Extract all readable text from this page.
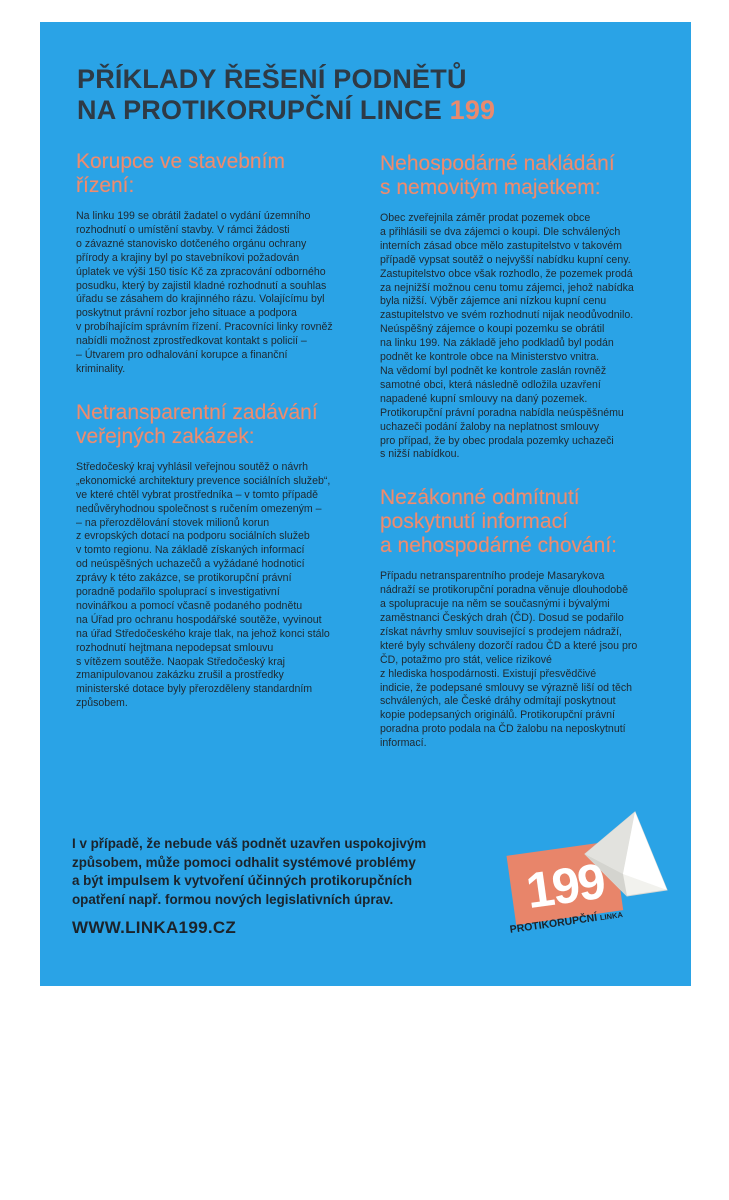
PŘÍKLADY ŘEŠENÍ PODNĚTŮ
NA PROTIKORUPČNÍ LINCE 199
Korupce ve stavebním
řízení:

Na linku 199 se obrátil žadatel o vydání územního
rozhodnutí o umístění stavby. V rámci žádosti
o závazné stanovisko dotčeného orgánu ochrany
přírody a krajiny byl po stavebníkovi požadován
úplatek ve výši 150 tisíc Kč za zpracování odborného
posudku, který by zajistil kladné rozhodnutí a souhlas
úřadu se zásahem do krajinného rázu. Volajícímu byl
poskytnut právní rozbor jeho situace a podpora
v probíhajícím správním řízení. Pracovníci linky rovněž
nabídli možnost zprostředkovat kontakt s policií –
– Útvarem pro odhalování korupce a finanční
kriminality.

Netransparentní zadávání
veřejných zakázek:

Středočeský kraj vyhlásil veřejnou soutěž o návrh
„ekonomické architektury prevence sociálních služeb“,
ve které chtěl vybrat prostředníka – v tomto případě
nedůvěryhodnou společnost s ručením omezeným –
– na přerozdělování stovek milionů korun
z evropských dotací na podporu sociálních služeb
v tomto regionu. Na základě získaných informací
od neúspěšných uchazečů a vyžádané hodnoticí
zprávy k této zakázce, se protikorupční právní
poradně podařilo spoluprací s investigativní
novinářkou a pomocí včasně podaného podnětu
na Úřad pro ochranu hospodářské soutěže, vyvinout
na úřad Středočeského kraje tlak, na jehož konci stálo
rozhodnutí hejtmana nepodepsat smlouvu
s vítězem soutěže. Naopak Středočeský kraj
zmanipulovanou zakázku zrušil a prostředky
ministerské dotace byly přerozděleny standardním
způsobem.

Nehospodárné nakládání
s nemovitým majetkem:

Obec zveřejnila záměr prodat pozemek obce
a přihlásili se dva zájemci o koupi. Dle schválených
interních zásad obce mělo zastupitelstvo v takovém
případě vypsat soutěž o nejvyšší nabídku kupní ceny.
Zastupitelstvo obce však rozhodlo, že pozemek prodá
za nejnižší možnou cenu tomu zájemci, jehož nabídka
byla nižší. Výběr zájemce ani nízkou kupní cenu
zastupitelstvo ve svém rozhodnutí nijak neodůvodnilo.
Neúspěšný zájemce o koupi pozemku se obrátil
na linku 199. Na základě jeho podkladů byl podán
podnět ke kontrole obce na Ministerstvo vnitra.
Na vědomí byl podnět ke kontrole zaslán rovněž
samotné obci, která následně odložila uzavření
napadené kupní smlouvy na daný pozemek.
Protikorupční právní poradna nabídla neúspěšnému
uchazeči podání žaloby na neplatnost smlouvy
pro případ, že by obec prodala pozemky uchazeči
s nižší nabídkou.

Nezákonné odmítnutí
poskytnutí informací
a nehospodárné chování:

Případu netransparentního prodeje Masarykova
nádraží se protikorupční poradna věnuje dlouhodobě
a spolupracuje na něm se současnými i bývalými
zaměstnanci Českých drah (ČD). Dosud se podařilo
získat návrhy smluv související s prodejem nádraží,
které byly schváleny dozorčí radou ČD a které jsou pro
ČD, potažmo pro stát, velice rizikové
z hlediska hospodárnosti. Existují přesvědčivé
indicie, že podepsané smlouvy se výrazně liší od těch
schválených, ale České dráhy odmítají poskytnout
kopie podepsaných originálů. Protikorupční právní
poradna proto podala na ČD žalobu na neposkytnutí
informací.

I v případě, že nebude váš podnět uzavřen uspokojivým
způsobem, může pomoci odhalit systémové problémy
a být impulsem k vytvoření účinných protikorupčních
opatření např. formou nových legislativních úprav.

WWW.LINKA199.CZ
199
PROTIKORUPČNÍ LINKA
